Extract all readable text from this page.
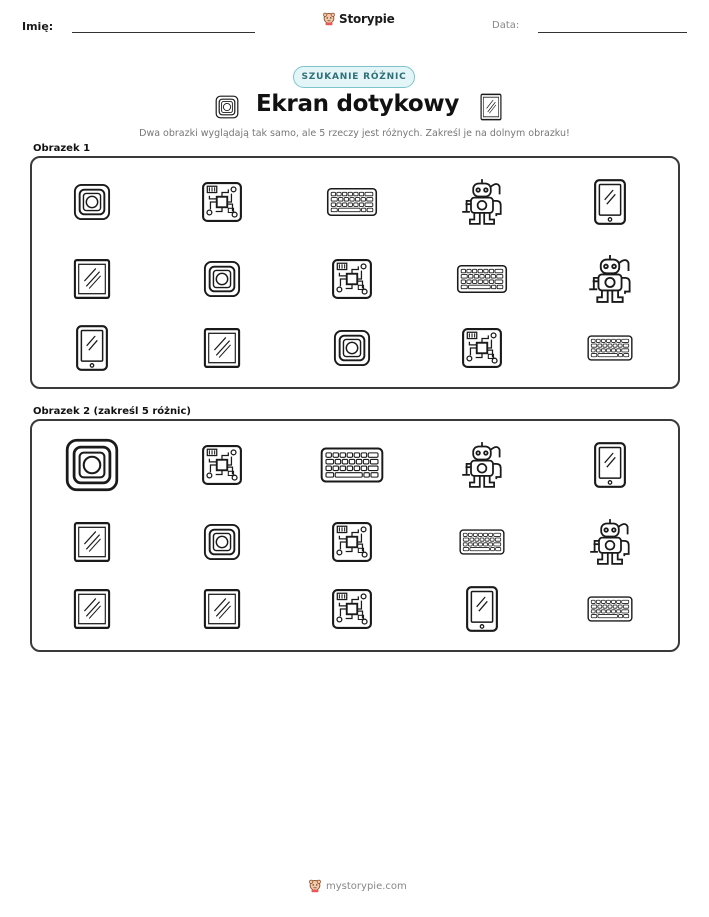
Imię:
Storypie	Data:
SZUKANIE RÓŻNIC
Ekran dotykowy
Dwa obrazki wyglądają tak samo, ale 5 rzeczy jest różnych. Zakreśl je na dolnym obrazku!
Obrazek 1
Obrazek 2 (zakreśl 5 różnic)
mystorypie.com
